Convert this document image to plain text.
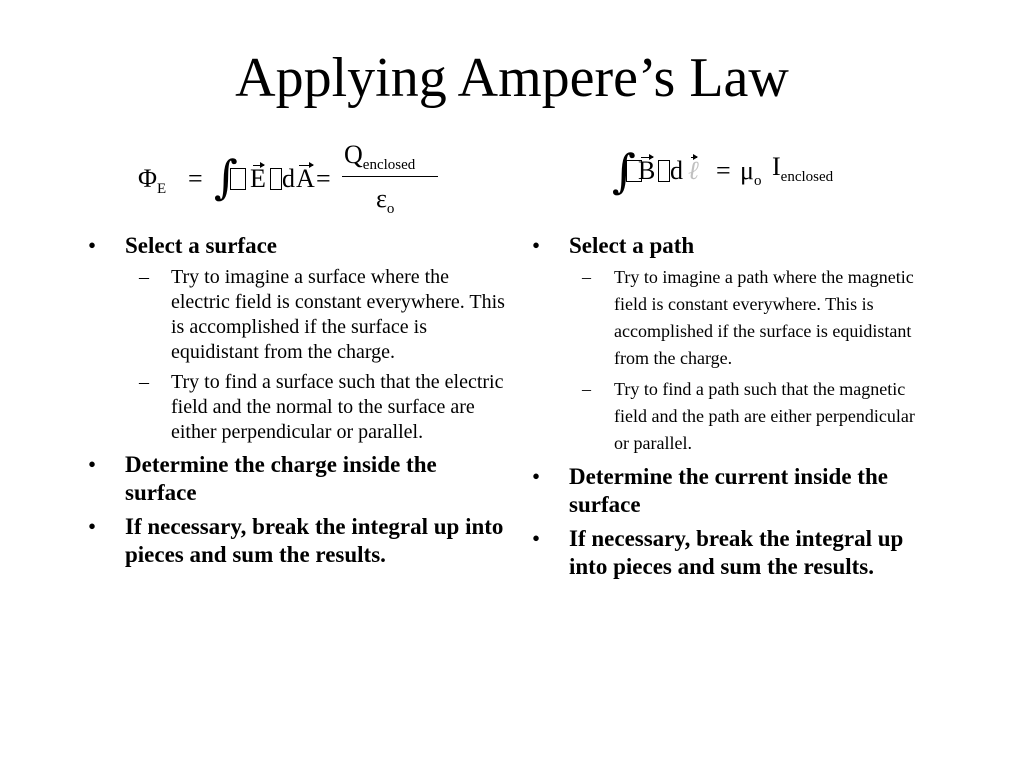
Applying Ampere’s Law
$\Phi_E$ = ∫ E d A =
$Q_{enclosed}$
$\varepsilon_o$
∫ B d ℓ = $\mu_o$ $I_{enclosed}$
• Select a surface
– Try to imagine a surface where the electric field is constant everywhere. This is accomplished if the surface is equidistant from the charge.
– Try to find a surface such that the electric field and the normal to the surface are either perpendicular or parallel.
• Determine the charge inside the surface
• If necessary, break the integral up into pieces and sum the results.
• Select a path
– Try to imagine a path where the magnetic field is constant everywhere. This is accomplished if the surface is equidistant from the charge.
– Try to find a path such that the magnetic field and the path are either perpendicular or parallel.
• Determine the current inside the surface
• If necessary, break the integral up into pieces and sum the results.
